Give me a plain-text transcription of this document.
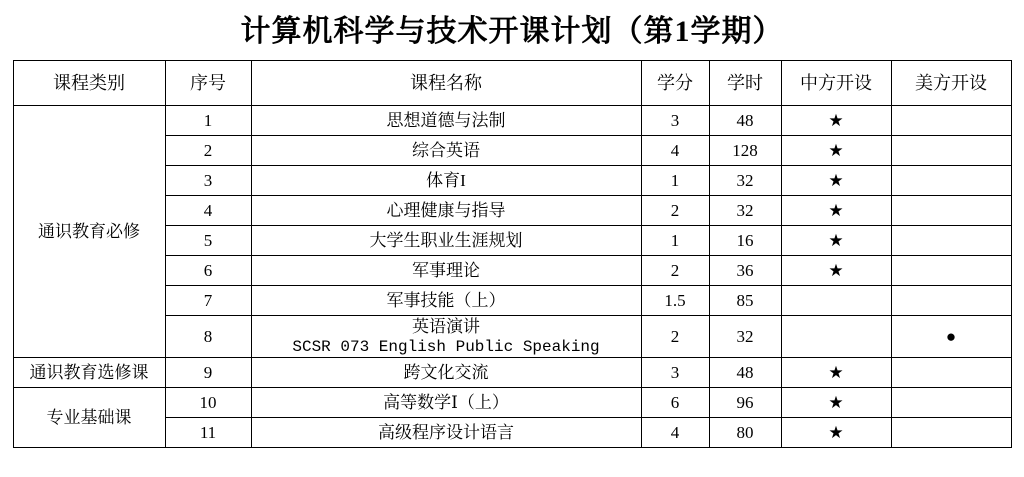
计算机科学与技术开课计划（第1学期）
课程类别	序号	课程名称	学分	学时	中方开设	美方开设
通识教育必修	1	思想道德与法制	3	48	★	
	2	综合英语	4	128	★	
	3	体育I	1	32	★	
	4	心理健康与指导	2	32	★	
	5	大学生职业生涯规划	1	16	★	
	6	军事理论	2	36	★	
	7	军事技能（上）	1.5	85		
	8	英语演讲
SCSR 073 English Public Speaking	2	32		●
通识教育选修课	9	跨文化交流	3	48	★	
专业基础课	10	高等数学Ⅰ（上）	6	96	★	
	11	高级程序设计语言	4	80	★	
